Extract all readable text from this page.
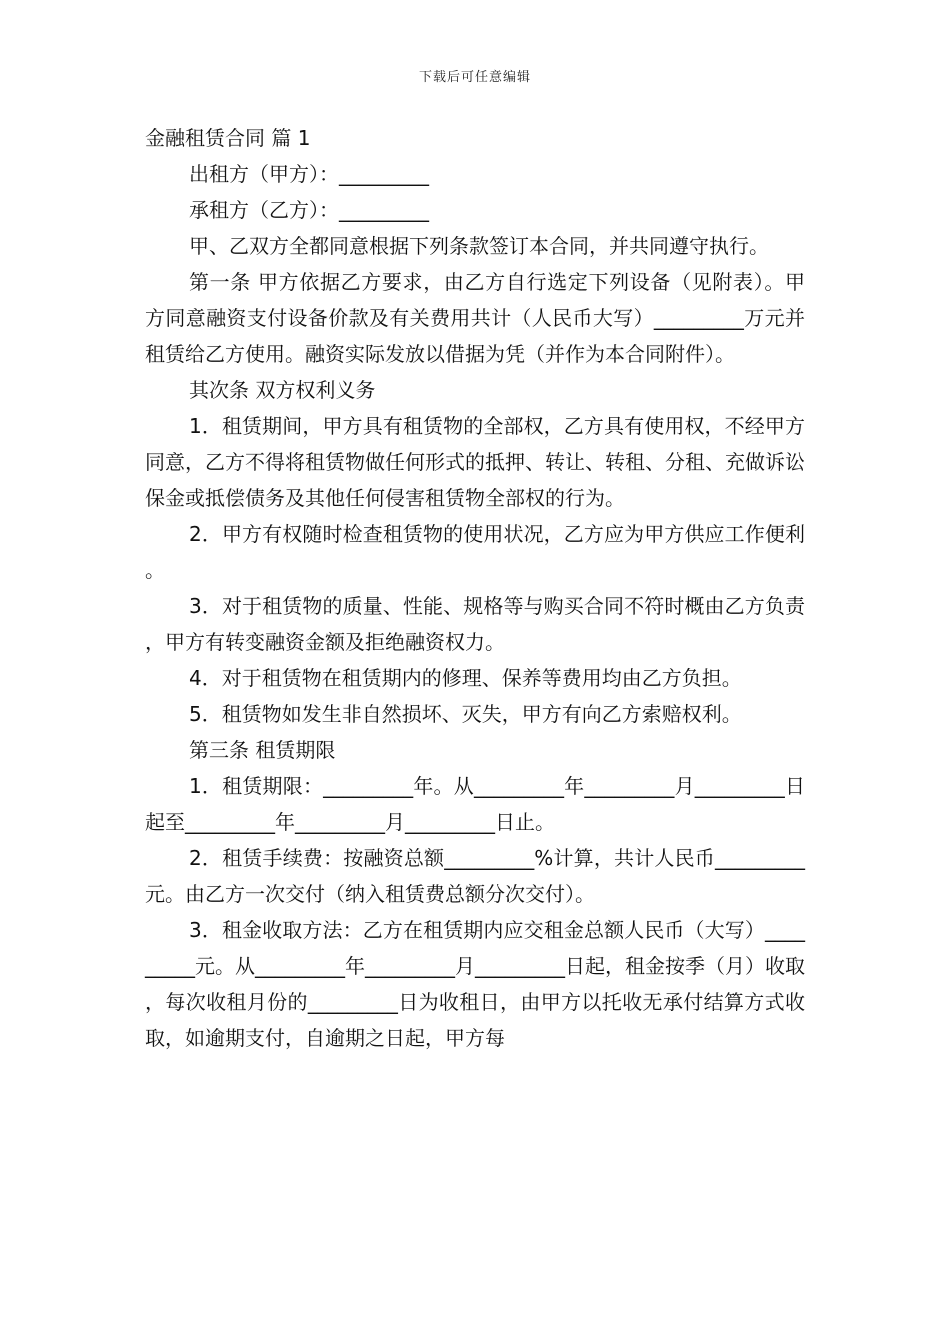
下载后可任意编辑

金融租赁合同 篇 1

出租方（甲方）：_________

承租方（乙方）：_________

甲、乙双方全都同意根据下列条款签订本合同，并共同遵守执行。

第一条 甲方依据乙方要求，由乙方自行选定下列设备（见附表）。甲方同意融资支付设备价款及有关费用共计（人民币大写）_________万元并租赁给乙方使用。融资实际发放以借据为凭（并作为本合同附件）。

其次条 双方权利义务

1．租赁期间，甲方具有租赁物的全部权，乙方具有使用权，不经甲方同意，乙方不得将租赁物做任何形式的抵押、转让、转租、分租、充做诉讼保金或抵偿债务及其他任何侵害租赁物全部权的行为。

2．甲方有权随时检查租赁物的使用状况，乙方应为甲方供应工作便利。

3．对于租赁物的质量、性能、规格等与购买合同不符时概由乙方负责，甲方有转变融资金额及拒绝融资权力。

4．对于租赁物在租赁期内的修理、保养等费用均由乙方负担。

5．租赁物如发生非自然损坏、灭失，甲方有向乙方索赔权利。

第三条 租赁期限

1．租赁期限：_________年。从_________年_________月_________日起至_________年_________月_________日止。

2．租赁手续费：按融资总额_________%计算，共计人民币_________元。由乙方一次交付（纳入租赁费总额分次交付）。

3．租金收取方法：乙方在租赁期内应交租金总额人民币（大写）_________元。从_________年_________月_________日起，租金按季（月）收取，每次收租月份的_________日为收租日，由甲方以托收无承付结算方式收取，如逾期支付，自逾期之日起，甲方每
